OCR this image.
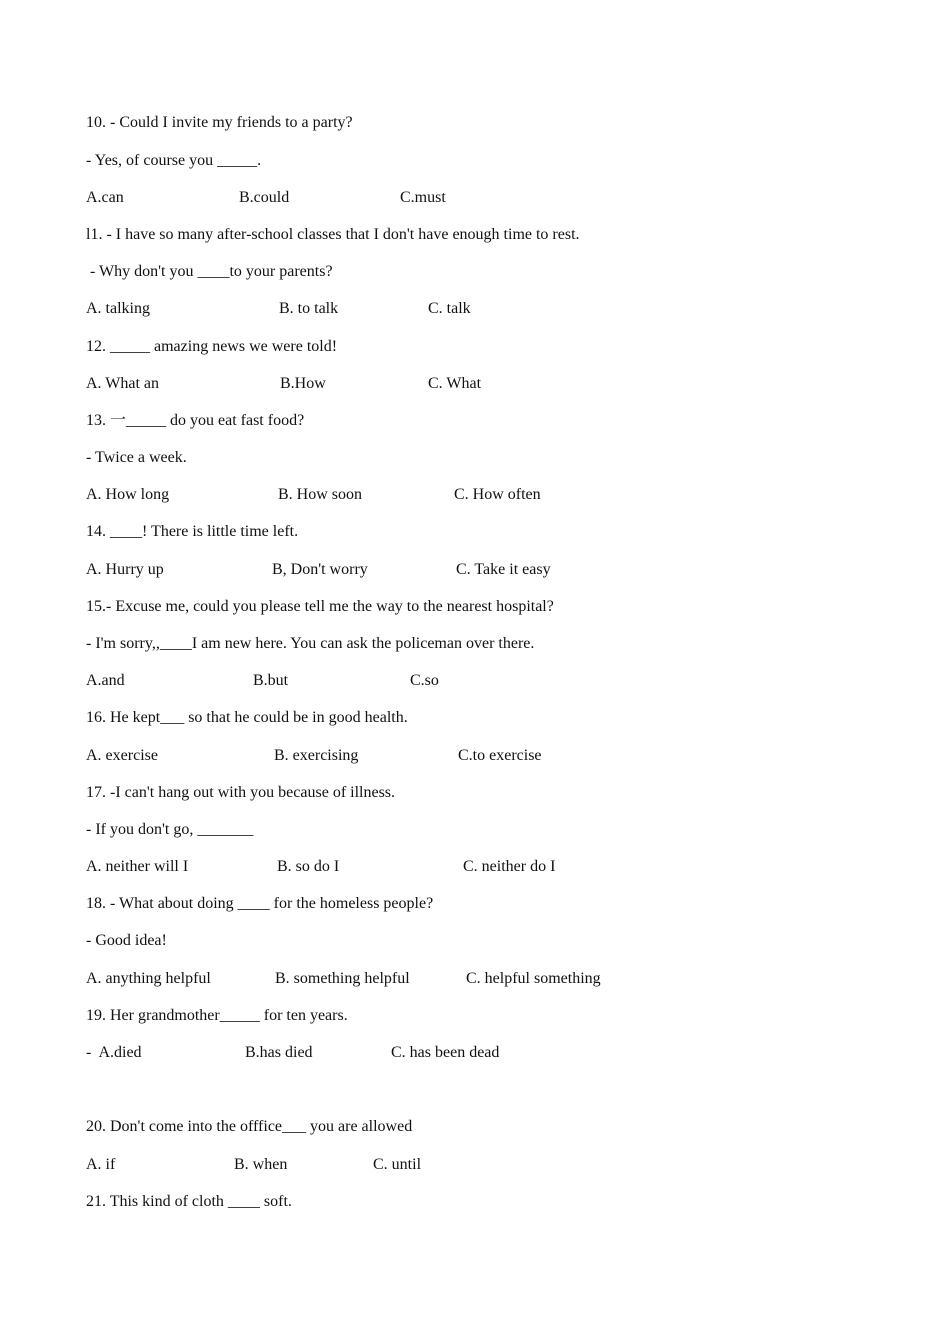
10. - Could I invite my friends to a party?
- Yes, of course you _____.
A.can	B.could	C.must
l1. - I have so many after-school classes that I don't have enough time to rest.
- Why don't you ____to your parents?
A. talking	B. to talk	C. talk
12. _____ amazing news we were told!
A. What an	B.How	C. What
13. 一_____ do you eat fast food?
- Twice a week.
A. How long	B. How soon	C. How often
14. ____! There is little time left.
A. Hurry up	B, Don't worry	C. Take it easy
15.- Excuse me, could you please tell me the way to the nearest hospital?
- I'm sorry,,____I am new here. You can ask the policeman over there.
A.and	B.but	C.so
16. He kept___ so that he could be in good health.
A. exercise	B. exercising	C.to exercise
17. -I can't hang out with you because of illness.
- If you don't go, _______
A. neither will I	B. so do I	C. neither do I
18. - What about doing ____ for the homeless people?
- Good idea!
A. anything helpful	B. something helpful	C. helpful something
19. Her grandmother_____ for ten years.
-  A.died	B.has died	C. has been dead
20. Don't come into the offfice___ you are allowed
A. if	B. when	C. until
21. This kind of cloth ____ soft.
